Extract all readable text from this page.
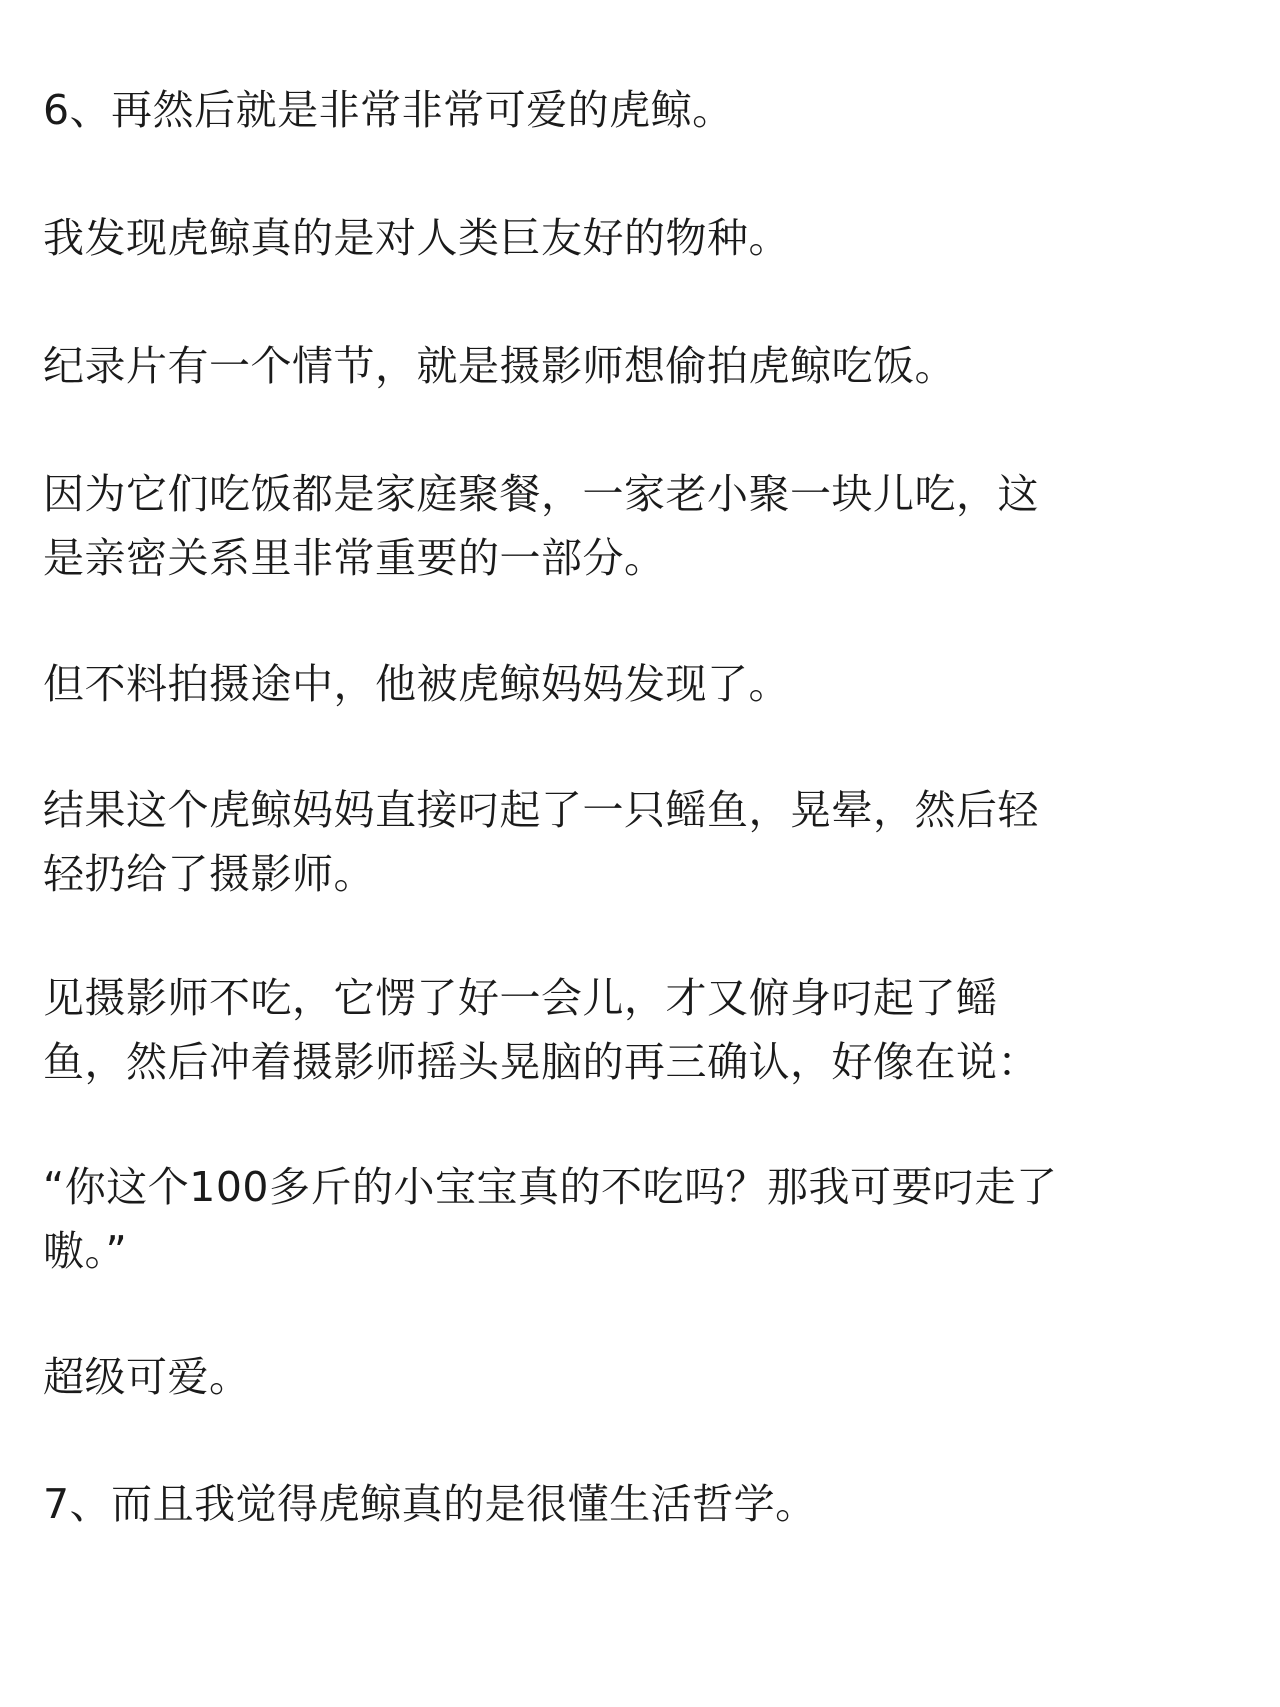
6、再然后就是非常非常可爱的虎鲸。

我发现虎鲸真的是对人类巨友好的物种。

纪录片有一个情节，就是摄影师想偷拍虎鲸吃饭。

因为它们吃饭都是家庭聚餐，一家老小聚一块儿吃，这
是亲密关系里非常重要的一部分。

但不料拍摄途中，他被虎鲸妈妈发现了。

结果这个虎鲸妈妈直接叼起了一只鳐鱼，晃晕，然后轻
轻扔给了摄影师。

见摄影师不吃，它愣了好一会儿，才又俯身叼起了鳐
鱼，然后冲着摄影师摇头晃脑的再三确认，好像在说：

“你这个100多斤的小宝宝真的不吃吗？那我可要叼走了
嗷。”

超级可爱。

7、而且我觉得虎鲸真的是很懂生活哲学。
